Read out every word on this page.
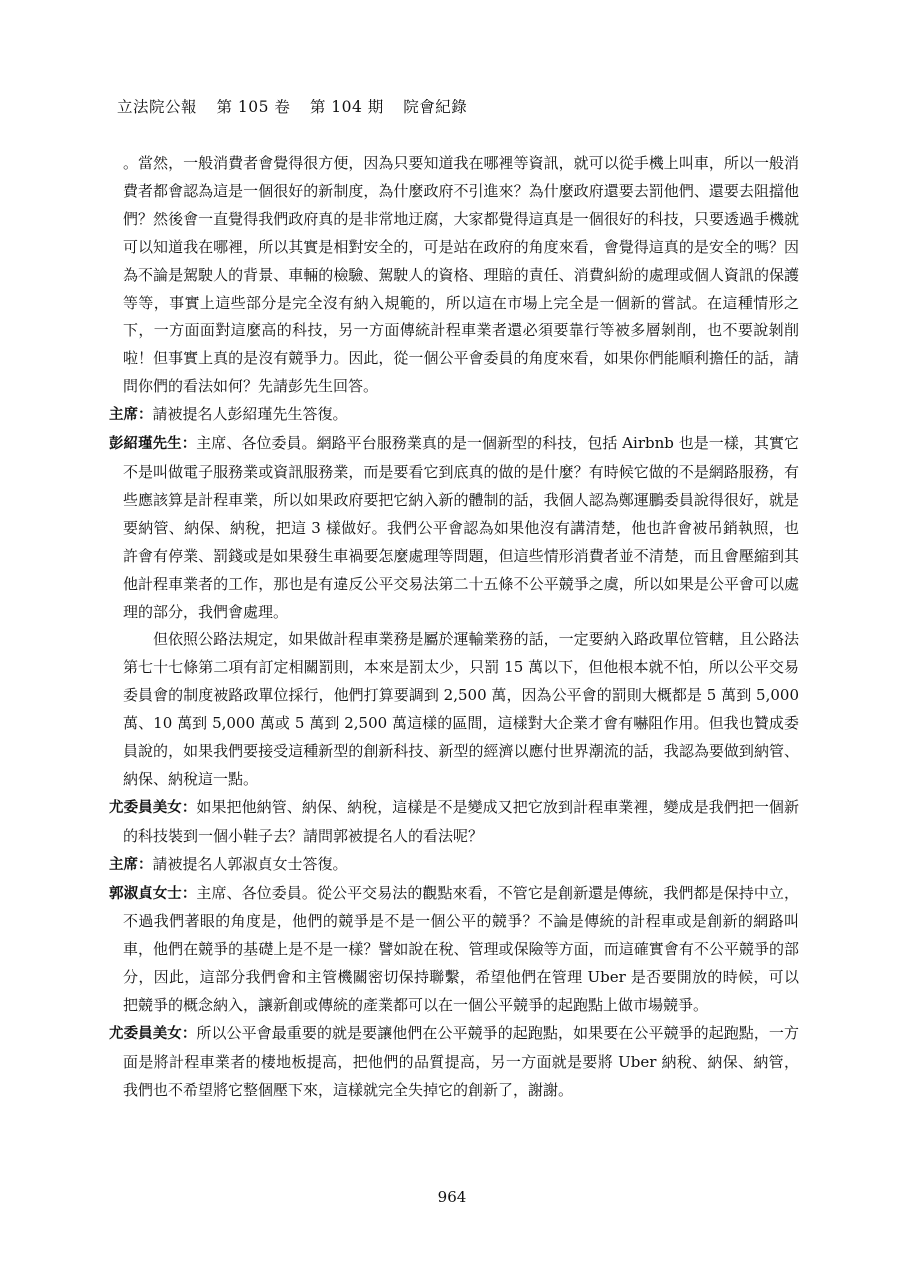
立法院公報 第 105 卷 第 104 期 院會紀錄

。當然，一般消費者會覺得很方便，因為只要知道我在哪裡等資訊，就可以從手機上叫車，所以一般消費者都會認為這是一個很好的新制度，為什麼政府不引進來？為什麼政府還要去罰他們、還要去阻擋他們？然後會一直覺得我們政府真的是非常地迂腐，大家都覺得這真是一個很好的科技，只要透過手機就可以知道我在哪裡，所以其實是相對安全的，可是站在政府的角度來看，會覺得這真的是安全的嗎？因為不論是駕駛人的背景、車輛的檢驗、駕駛人的資格、理賠的責任、消費糾紛的處理或個人資訊的保護等等，事實上這些部分是完全沒有納入規範的，所以這在市場上完全是一個新的嘗試。在這種情形之下，一方面面對這麼高的科技，另一方面傳統計程車業者還必須要靠行等被多層剝削，也不要說剝削啦！但事實上真的是沒有競爭力。因此，從一個公平會委員的角度來看，如果你們能順利擔任的話，請問你們的看法如何？先請彭先生回答。

主席：請被提名人彭紹瑾先生答復。

彭紹瑾先生：主席、各位委員。網路平台服務業真的是一個新型的科技，包括 Airbnb 也是一樣，其實它不是叫做電子服務業或資訊服務業，而是要看它到底真的做的是什麼？有時候它做的不是網路服務，有些應該算是計程車業，所以如果政府要把它納入新的體制的話，我個人認為鄭運鵬委員說得很好，就是要納管、納保、納稅，把這 3 樣做好。我們公平會認為如果他沒有講清楚，他也許會被吊銷執照，也許會有停業、罰錢或是如果發生車禍要怎麼處理等問題，但這些情形消費者並不清楚，而且會壓縮到其他計程車業者的工作，那也是有違反公平交易法第二十五條不公平競爭之虞，所以如果是公平會可以處理的部分，我們會處理。

但依照公路法規定，如果做計程車業務是屬於運輸業務的話，一定要納入路政單位管轄，且公路法第七十七條第二項有訂定相關罰則，本來是罰太少，只罰 15 萬以下，但他根本就不怕，所以公平交易委員會的制度被路政單位採行，他們打算要調到 2,500 萬，因為公平會的罰則大概都是 5 萬到 5,000 萬、10 萬到 5,000 萬或 5 萬到 2,500 萬這樣的區間，這樣對大企業才會有嚇阻作用。但我也贊成委員說的，如果我們要接受這種新型的創新科技、新型的經濟以應付世界潮流的話，我認為要做到納管、納保、納稅這一點。

尤委員美女：如果把他納管、納保、納稅，這樣是不是變成又把它放到計程車業裡，變成是我們把一個新的科技裝到一個小鞋子去？請問郭被提名人的看法呢？

主席：請被提名人郭淑貞女士答復。

郭淑貞女士：主席、各位委員。從公平交易法的觀點來看，不管它是創新還是傳統，我們都是保持中立，不過我們著眼的角度是，他們的競爭是不是一個公平的競爭？不論是傳統的計程車或是創新的網路叫車，他們在競爭的基礎上是不是一樣？譬如說在稅、管理或保險等方面，而這確實會有不公平競爭的部分，因此，這部分我們會和主管機關密切保持聯繫，希望他們在管理 Uber 是否要開放的時候，可以把競爭的概念納入，讓新創或傳統的產業都可以在一個公平競爭的起跑點上做市場競爭。

尤委員美女：所以公平會最重要的就是要讓他們在公平競爭的起跑點，如果要在公平競爭的起跑點，一方面是將計程車業者的棲地板提高，把他們的品質提高，另一方面就是要將 Uber 納稅、納保、納管，我們也不希望將它整個壓下來，這樣就完全失掉它的創新了，謝謝。

964
